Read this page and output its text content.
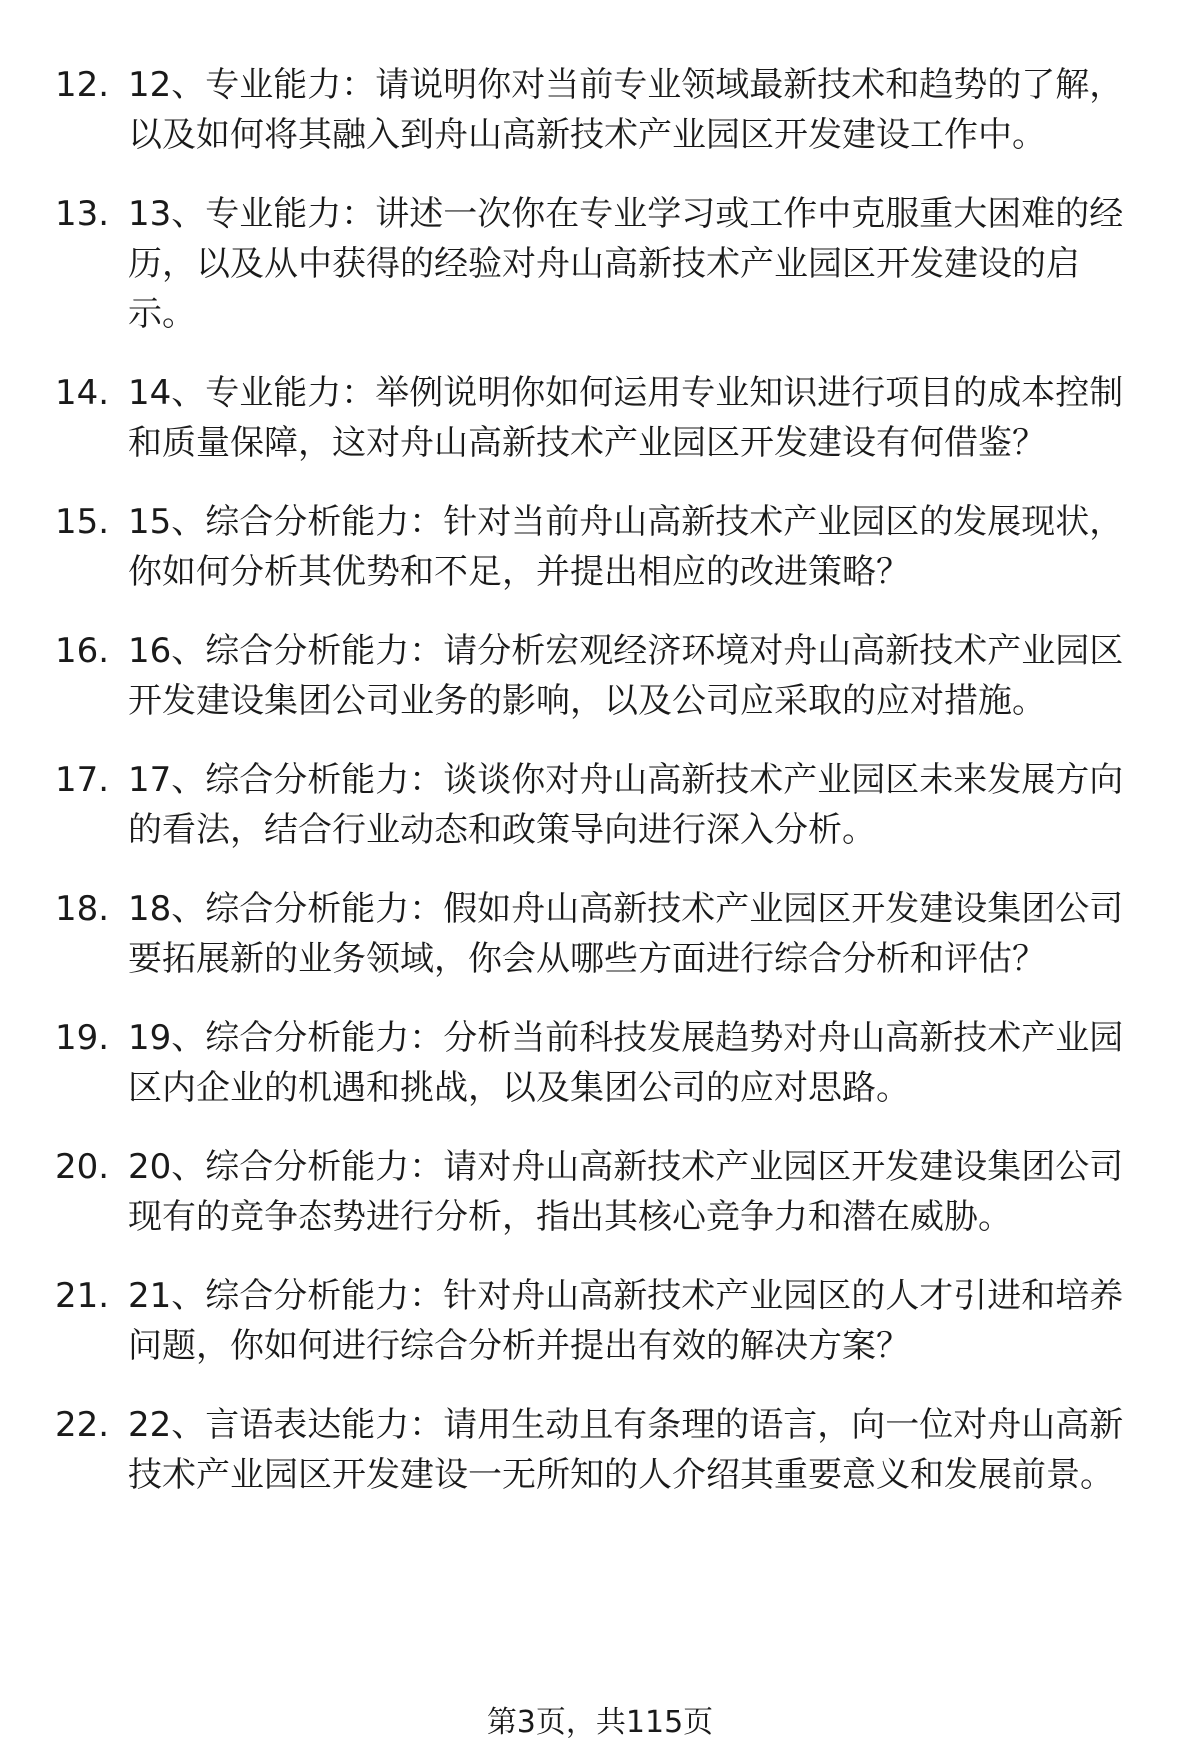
12. 12、专业能力：请说明你对当前专业领域最新技术和趋势的了解，以及如何将其融入到舟山高新技术产业园区开发建设工作中。
13. 13、专业能力：讲述一次你在专业学习或工作中克服重大困难的经历，以及从中获得的经验对舟山高新技术产业园区开发建设的启示。
14. 14、专业能力：举例说明你如何运用专业知识进行项目的成本控制和质量保障，这对舟山高新技术产业园区开发建设有何借鉴？
15. 15、综合分析能力：针对当前舟山高新技术产业园区的发展现状，你如何分析其优势和不足，并提出相应的改进策略？
16. 16、综合分析能力：请分析宏观经济环境对舟山高新技术产业园区开发建设集团公司业务的影响，以及公司应采取的应对措施。
17. 17、综合分析能力：谈谈你对舟山高新技术产业园区未来发展方向的看法，结合行业动态和政策导向进行深入分析。
18. 18、综合分析能力：假如舟山高新技术产业园区开发建设集团公司要拓展新的业务领域，你会从哪些方面进行综合分析和评估？
19. 19、综合分析能力：分析当前科技发展趋势对舟山高新技术产业园区内企业的机遇和挑战，以及集团公司的应对思路。
20. 20、综合分析能力：请对舟山高新技术产业园区开发建设集团公司现有的竞争态势进行分析，指出其核心竞争力和潜在威胁。
21. 21、综合分析能力：针对舟山高新技术产业园区的人才引进和培养问题，你如何进行综合分析并提出有效的解决方案？
22. 22、言语表达能力：请用生动且有条理的语言，向一位对舟山高新技术产业园区开发建设一无所知的人介绍其重要意义和发展前景。
第3页，共115页
